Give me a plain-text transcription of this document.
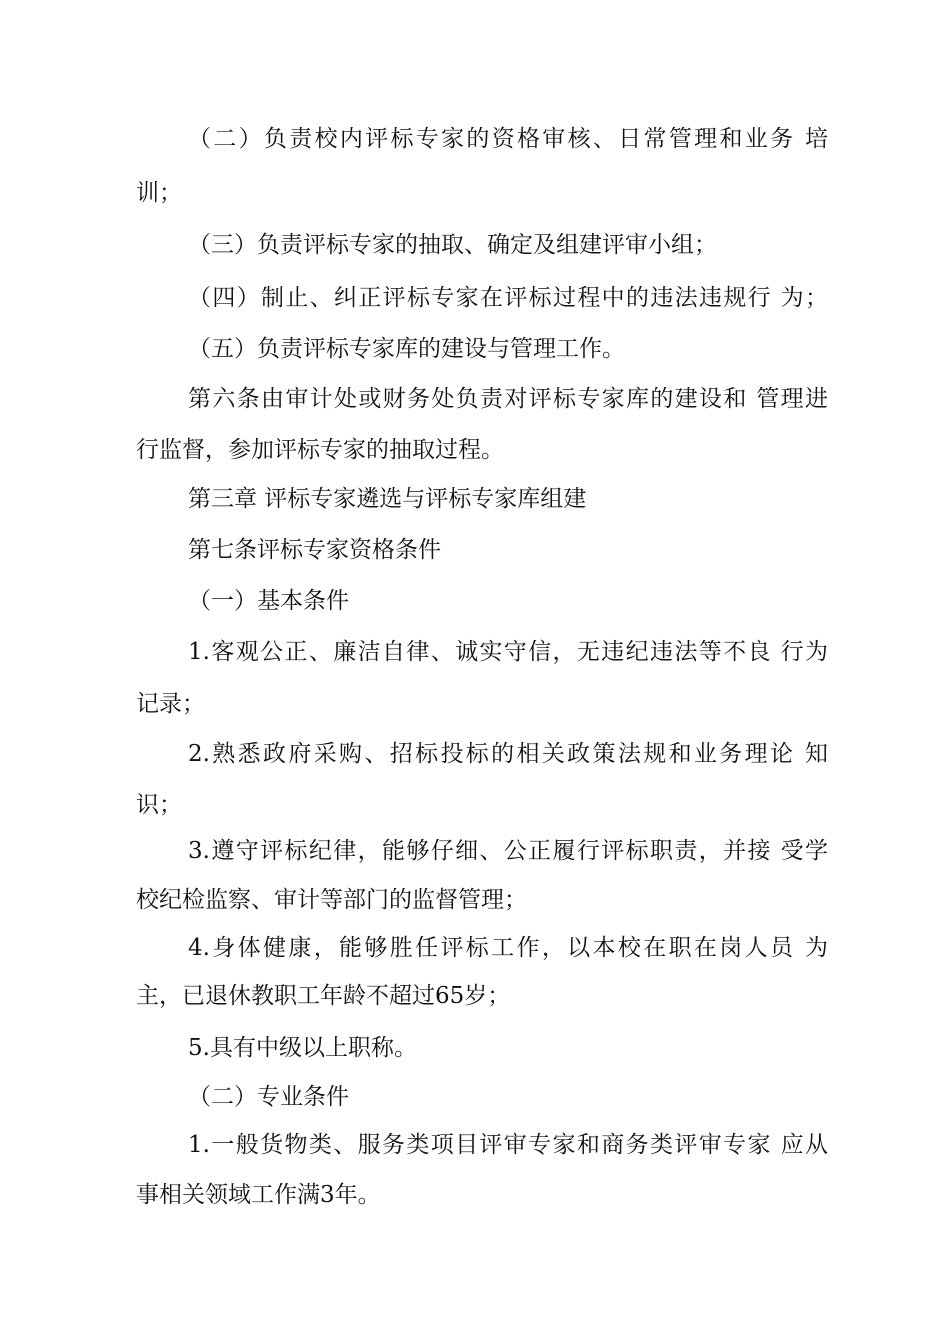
（二）负责校内评标专家的资格审核、日常管理和业务 培
训；
（三）负责评标专家的抽取、确定及组建评审小组；
（四）制止、纠正评标专家在评标过程中的违法违规行 为；
（五）负责评标专家库的建设与管理工作。
第六条由审计处或财务处负责对评标专家库的建设和 管理进
行监督，参加评标专家的抽取过程。
第三章 评标专家遴选与评标专家库组建
第七条评标专家资格条件
（一）基本条件
1.客观公正、廉洁自律、诚实守信，无违纪违法等不良 行为
记录；
2.熟悉政府采购、招标投标的相关政策法规和业务理论 知
识；
3.遵守评标纪律，能够仔细、公正履行评标职责，并接 受学
校纪检监察、审计等部门的监督管理；
4.身体健康，能够胜任评标工作，以本校在职在岗人员 为
主，已退休教职工年龄不超过65岁；
5.具有中级以上职称。
（二）专业条件
1.一般货物类、服务类项目评审专家和商务类评审专家 应从
事相关领域工作满3年。
